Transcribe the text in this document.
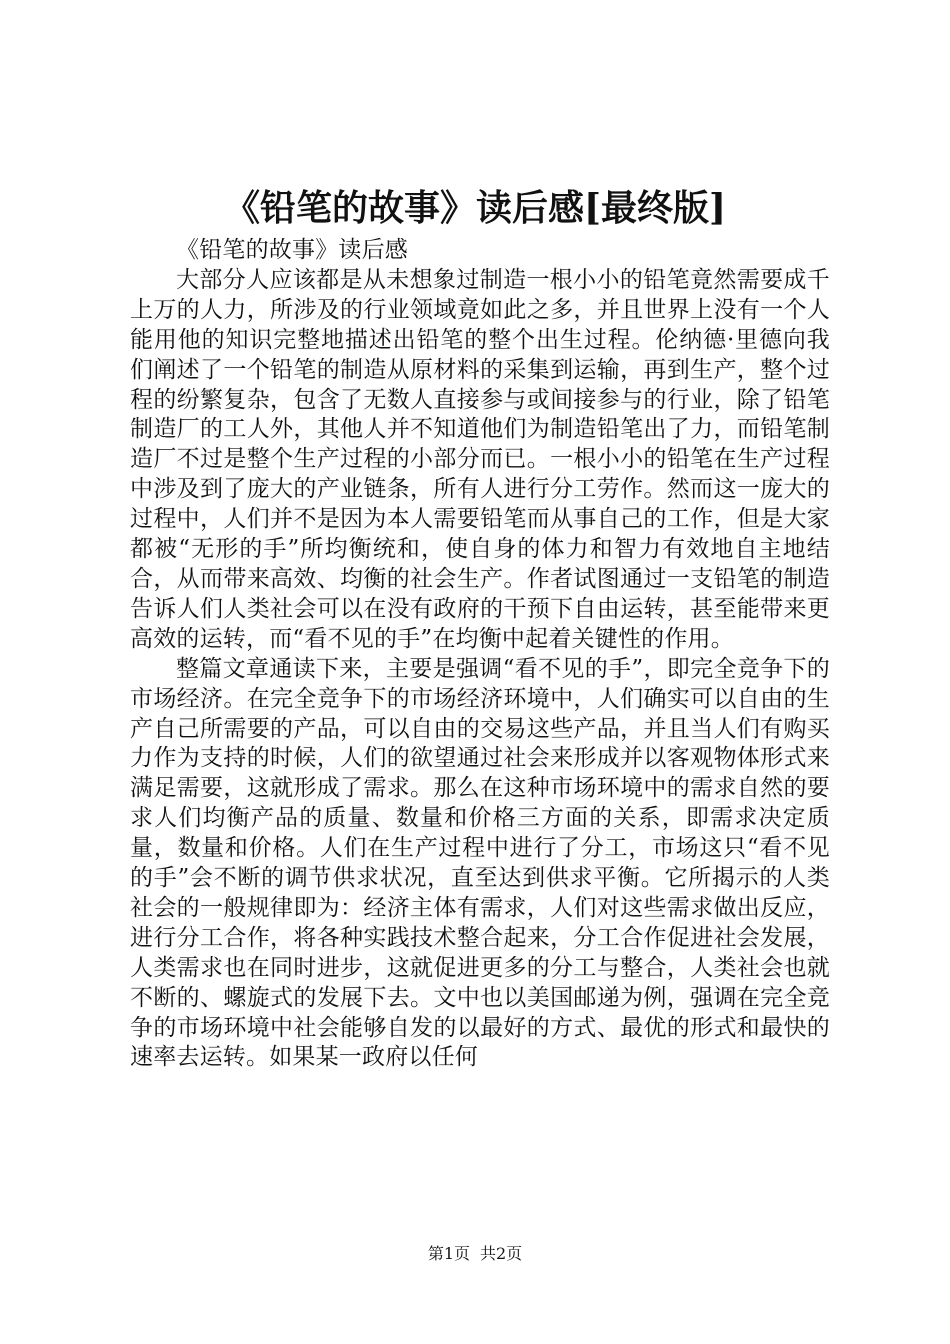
《铅笔的故事》读后感[最终版]

《铅笔的故事》读后感

大部分人应该都是从未想象过制造一根小小的铅笔竟然需要成千上万的人力，所涉及的行业领域竟如此之多，并且世界上没有一个人能用他的知识完整地描述出铅笔的整个出生过程。伦纳德·里德向我们阐述了一个铅笔的制造从原材料的采集到运输，再到生产，整个过程的纷繁复杂，包含了无数人直接参与或间接参与的行业，除了铅笔制造厂的工人外，其他人并不知道他们为制造铅笔出了力，而铅笔制造厂不过是整个生产过程的小部分而已。一根小小的铅笔在生产过程中涉及到了庞大的产业链条，所有人进行分工劳作。然而这一庞大的过程中，人们并不是因为本人需要铅笔而从事自己的工作，但是大家都被“无形的手”所均衡统和，使自身的体力和智力有效地自主地结合，从而带来高效、均衡的社会生产。作者试图通过一支铅笔的制造告诉人们人类社会可以在没有政府的干预下自由运转，甚至能带来更高效的运转，而“看不见的手”在均衡中起着关键性的作用。

整篇文章通读下来，主要是强调“看不见的手”，即完全竞争下的市场经济。在完全竞争下的市场经济环境中，人们确实可以自由的生产自己所需要的产品，可以自由的交易这些产品，并且当人们有购买力作为支持的时候，人们的欲望通过社会来形成并以客观物体形式来满足需要，这就形成了需求。那么在这种市场环境中的需求自然的要求人们均衡产品的质量、数量和价格三方面的关系，即需求决定质量，数量和价格。人们在生产过程中进行了分工，市场这只“看不见的手”会不断的调节供求状况，直至达到供求平衡。它所揭示的人类社会的一般规律即为：经济主体有需求，人们对这些需求做出反应，进行分工合作，将各种实践技术整合起来，分工合作促进社会发展，人类需求也在同时进步，这就促进更多的分工与整合，人类社会也就不断的、螺旋式的发展下去。文中也以美国邮递为例，强调在完全竞争的市场环境中社会能够自发的以最好的方式、最优的形式和最快的速率去运转。如果某一政府以任何

第1页 共2页
